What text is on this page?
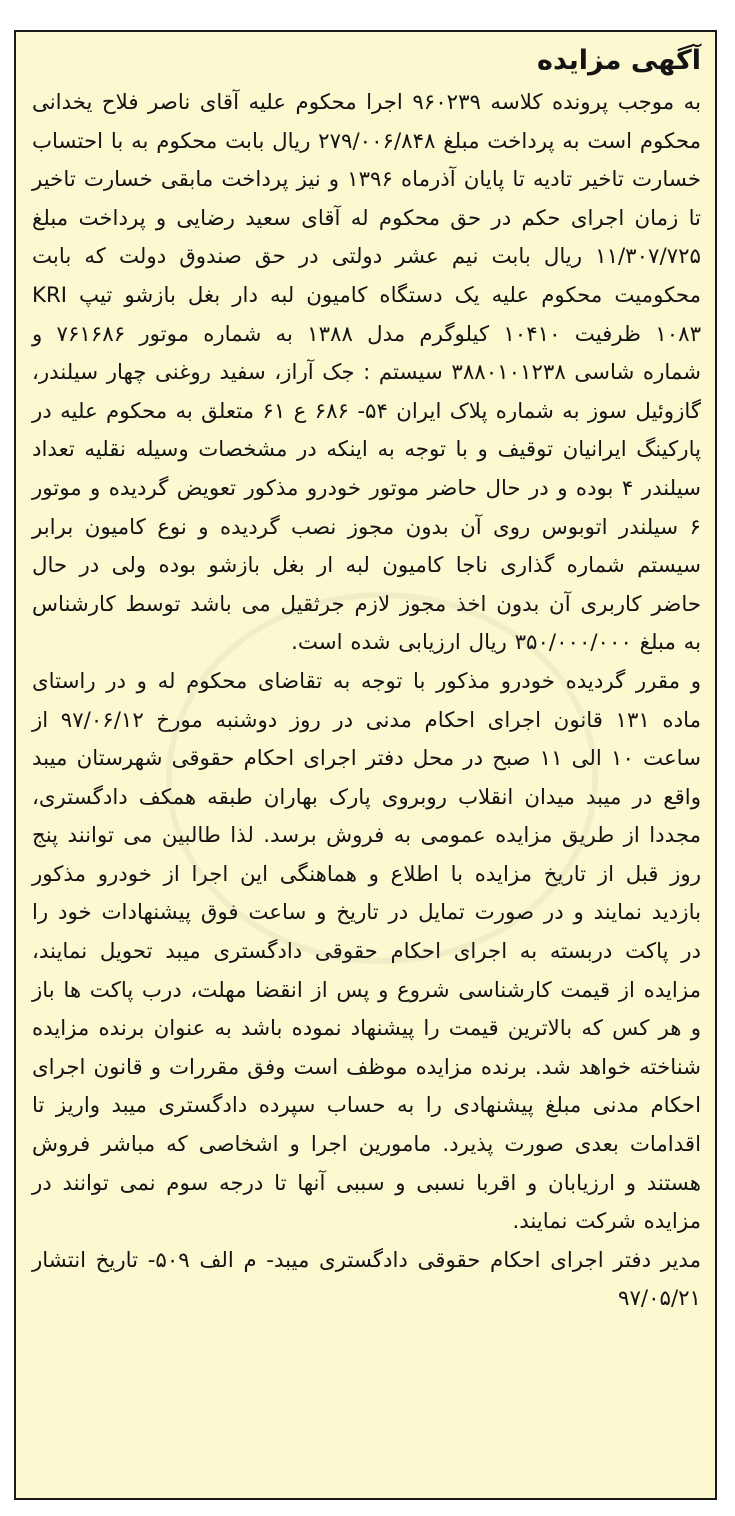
آگهی مزایده

به موجب پرونده کلاسه ۹۶۰۲۳۹ اجرا محکوم علیه آقای ناصر فلاح یخدانی محکوم است به پرداخت مبلغ ۲۷۹/۰۰۶/۸۴۸ ریال بابت محکوم به با احتساب خسارت تاخیر تادیه تا پایان آذرماه ۱۳۹۶ و نیز پرداخت مابقی خسارت تاخیر تا زمان اجرای حکم در حق محکوم له آقای سعید رضایی و پرداخت مبلغ ۱۱/۳۰۷/۷۲۵ ریال بابت نیم عشر دولتی در حق صندوق دولت که بابت محکومیت محکوم علیه یک دستگاه کامیون لبه دار بغل بازشو تیپ KRI ۱۰۸۳ ظرفیت ۱۰۴۱۰ کیلوگرم مدل ۱۳۸۸ به شماره موتور ۷۶۱۶۸۶ و شماره شاسی ۳۸۸۰۱۰۱۲۳۸ سیستم : جک آراز، سفید روغنی چهار سیلندر، گازوئیل سوز به شماره پلاک ایران ۵۴- ۶۸۶ ع ۶۱ متعلق به محکوم علیه در پارکینگ ایرانیان توقیف و با توجه به اینکه در مشخصات وسیله نقلیه تعداد سیلندر ۴ بوده و در حال حاضر موتور خودرو مذکور تعویض گردیده و موتور ۶ سیلندر اتوبوس روی آن بدون مجوز نصب گردیده و نوع کامیون برابر سیستم شماره گذاری ناجا کامیون لبه ار بغل بازشو بوده ولی در حال حاضر کاربری آن بدون اخذ مجوز لازم جرثقیل می باشد توسط کارشناس به مبلغ ۳۵۰/۰۰۰/۰۰۰ ریال ارزیابی شده است.

و مقرر گردیده خودرو مذکور با توجه به تقاضای محکوم له و در راستای ماده ۱۳۱ قانون اجرای احکام مدنی در روز دوشنبه مورخ ۹۷/۰۶/۱۲ از ساعت ۱۰ الی ۱۱ صبح در محل دفتر اجرای احکام حقوقی شهرستان میبد واقع در میبد میدان انقلاب روبروی پارک بهاران طبقه همکف دادگستری، مجددا از طریق مزایده عمومی به فروش برسد. لذا طالبین می توانند پنج روز قبل از تاریخ مزایده با اطلاع و هماهنگی این اجرا از خودرو مذکور بازدید نمایند و در صورت تمایل در تاریخ و ساعت فوق پیشنهادات خود را در پاکت دربسته به اجرای احکام حقوقی دادگستری میبد تحویل نمایند، مزایده از قیمت کارشناسی شروع و پس از انقضا مهلت، درب پاکت ها باز و هر کس که بالاترین قیمت را پیشنهاد نموده باشد به عنوان برنده مزایده شناخته خواهد شد. برنده مزایده موظف است وفق مقررات و قانون اجرای احکام مدنی مبلغ پیشنهادی را به حساب سپرده دادگستری میبد واریز تا اقدامات بعدی صورت پذیرد. مامورین اجرا و اشخاصی که مباشر فروش هستند و ارزیابان و اقربا نسبی و سببی آنها تا درجه سوم نمی توانند در مزایده شرکت نمایند.

مدیر دفتر اجرای احکام حقوقی دادگستری میبد- م الف ۵۰۹- تاریخ انتشار ۹۷/۰۵/۲۱
